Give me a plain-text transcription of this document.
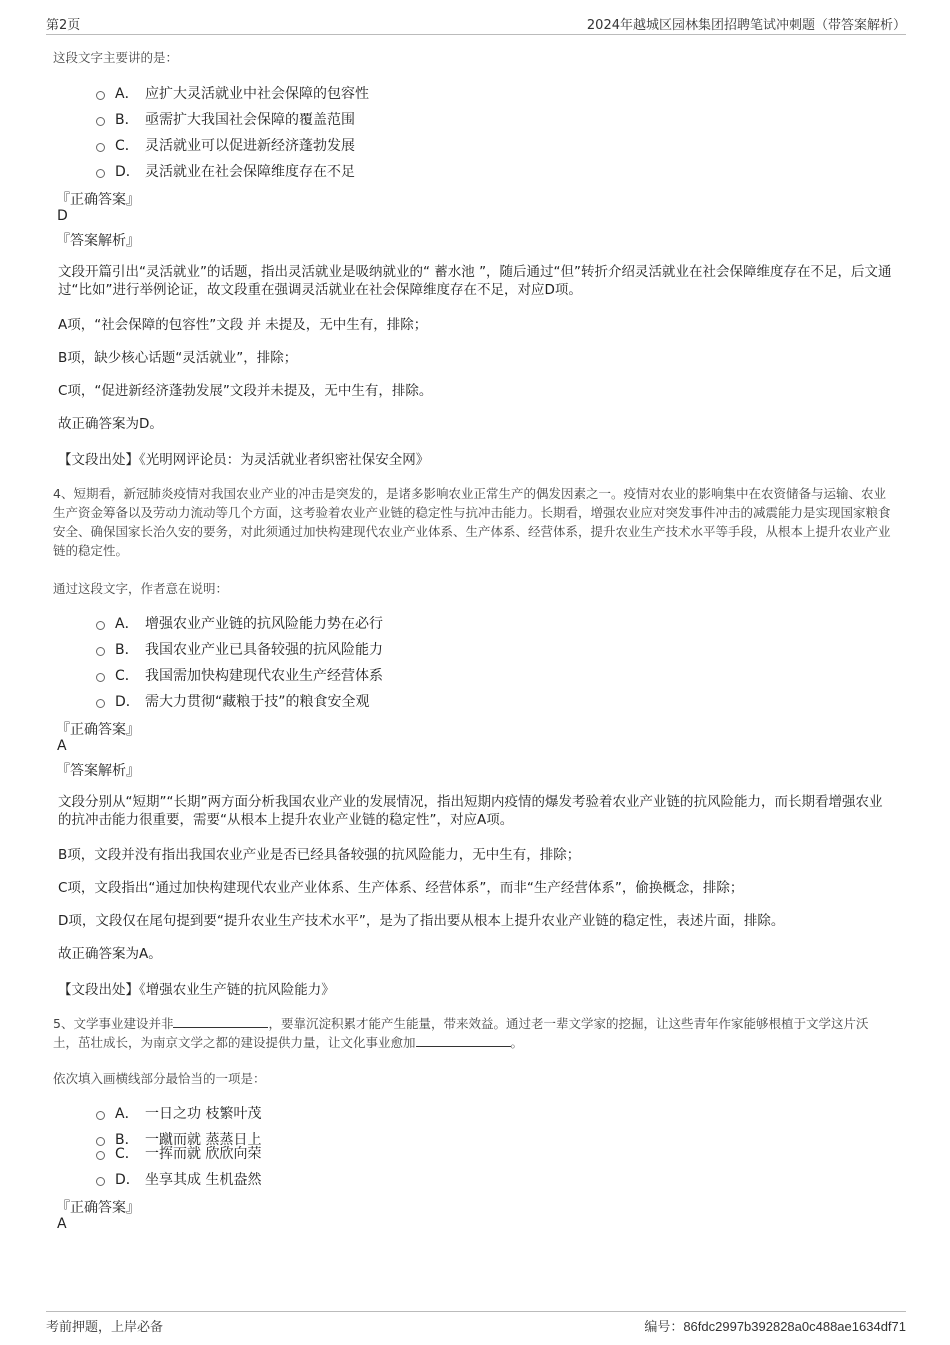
第2页	2024年越城区园林集团招聘笔试冲刺题（带答案解析）
这段文字主要讲的是：
A． 应扩大灵活就业中社会保障的包容性
B． 亟需扩大我国社会保障的覆盖范围
C． 灵活就业可以促进新经济蓬勃发展
D． 灵活就业在社会保障维度存在不足
『正确答案』
D
『答案解析』
文段开篇引出“灵活就业”的话题，指出灵活就业是吸纳就业的“ 蓄水池 ”，随后通过“但”转折介绍灵活就业在社会保障维度存在不足，后文通过“比如”进行举例论证，故文段重在强调灵活就业在社会保障维度存在不足，对应D项。
A项，“社会保障的包容性”文段 并 未提及，无中生有，排除；
B项，缺少核心话题“灵活就业”，排除；
C项，“促进新经济蓬勃发展”文段并未提及，无中生有，排除。
故正确答案为D。
【文段出处】《光明网评论员：为灵活就业者织密社保安全网》
4、短期看，新冠肺炎疫情对我国农业产业的冲击是突发的，是诸多影响农业正常生产的偶发因素之一。疫情对农业的影响集中在农资储备与运输、农业生产资金筹备以及劳动力流动等几个方面，这考验着农业产业链的稳定性与抗冲击能力。长期看，增强农业应对突发事件冲击的减震能力是实现国家粮食安全、确保国家长治久安的要务，对此须通过加快构建现代农业产业体系、生产体系、经营体系，提升农业生产技术水平等手段，从根本上提升农业产业链的稳定性。
通过这段文字，作者意在说明：
A． 增强农业产业链的抗风险能力势在必行
B． 我国农业产业已具备较强的抗风险能力
C． 我国需加快构建现代农业生产经营体系
D． 需大力贯彻“藏粮于技”的粮食安全观
『正确答案』
A
『答案解析』
文段分别从“短期”“长期”两方面分析我国农业产业的发展情况，指出短期内疫情的爆发考验着农业产业链的抗风险能力，而长期看增强农业的抗冲击能力很重要，需要“从根本上提升农业产业链的稳定性”，对应A项。
B项，文段并没有指出我国农业产业是否已经具备较强的抗风险能力，无中生有，排除；
C项，文段指出“通过加快构建现代农业产业体系、生产体系、经营体系”，而非“生产经营体系”，偷换概念，排除；
D项，文段仅在尾句提到要“提升农业生产技术水平”，是为了指出要从根本上提升农业产业链的稳定性，表述片面，排除。
故正确答案为A。
【文段出处】《增强农业生产链的抗风险能力》
5、文学事业建设并非	，要靠沉淀积累才能产生能量，带来效益。通过老一辈文学家的挖掘，让这些青年作家能够根植于文学这片沃土，茁壮成长，为南京文学之都的建设提供力量，让文化事业愈加	。
依次填入画横线部分最恰当的一项是：
A． 一日之功 枝繁叶茂
B． 一蹴而就 蒸蒸日上
C． 一挥而就 欣欣向荣
D． 坐享其成 生机盎然
『正确答案』
A
考前押题，上岸必备	编号：86fdc2997b392828a0c488ae1634df71
